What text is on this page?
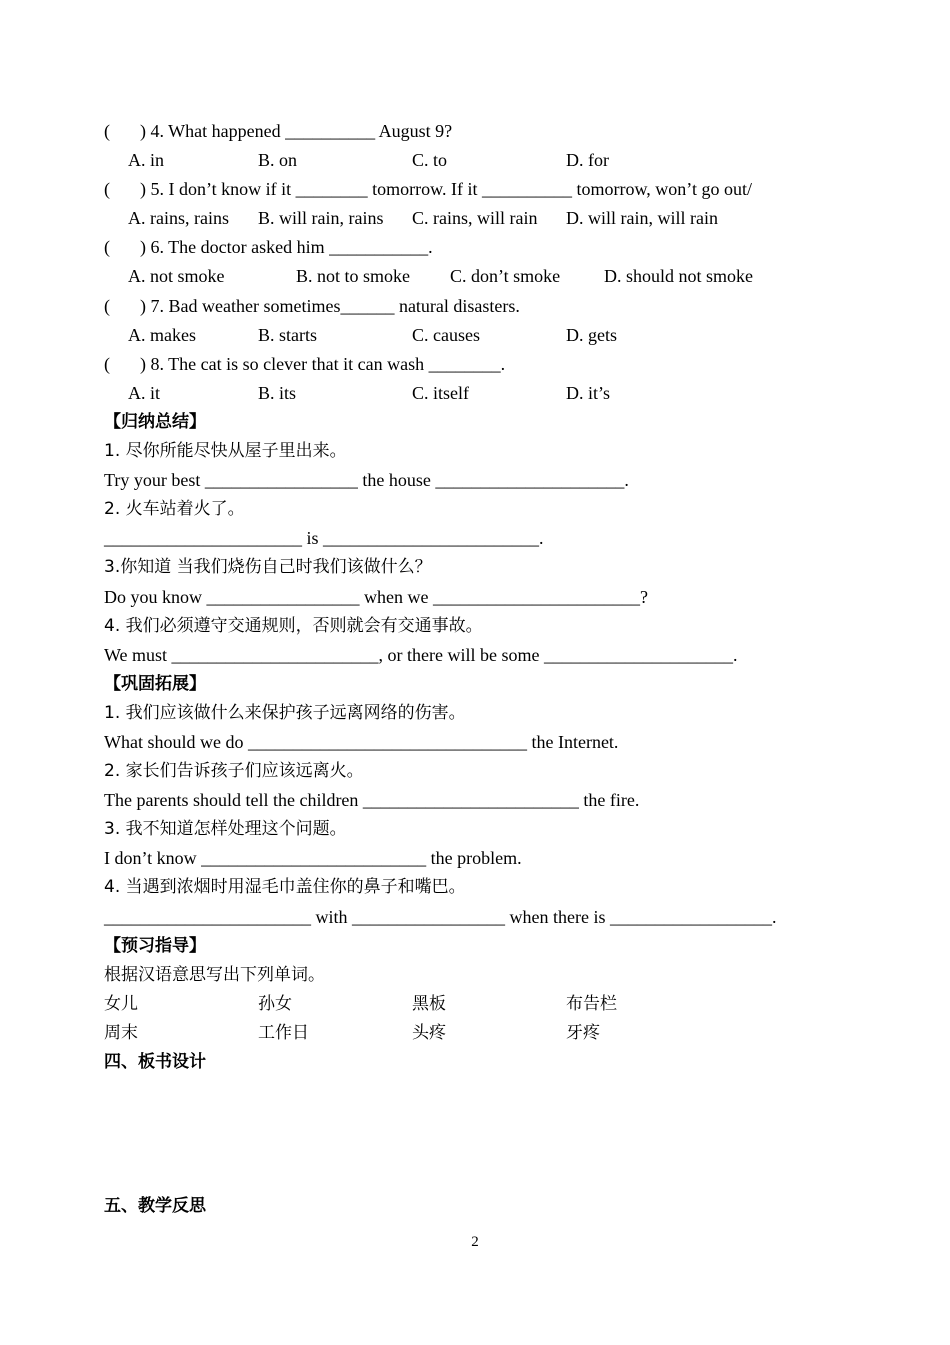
( ) 4. What happened __________ August 9?
A. in	B. on	C. to	D. for
( ) 5. I don’t know if it ________ tomorrow. If it __________ tomorrow, won’t go out/
A. rains, rains B. will rain, rains C. rains, will rain D. will rain, will rain
( ) 6. The doctor asked him ___________.
A. not smoke	B. not to smoke C. don’t smoke D. should not smoke
( ) 7. Bad weather sometimes______ natural disasters.
A. makes	B. starts	C. causes	D. gets
( ) 8. The cat is so clever that it can wash ________.
A. it	B. its	C. itself	D. it’s
【归纳总结】
1. 尽你所能尽快从屋子里出来。
Try your best _________________ the house _____________________.
2. 火车站着火了。
______________________ is ________________________.
3.你知道 当我们烧伤自己时我们该做什么？
Do you know _________________ when we _______________________?
4. 我们必须遵守交通规则，否则就会有交通事故。
We must _______________________, or there will be some _____________________.
【巩固拓展】
1. 我们应该做什么来保护孩子远离网络的伤害。
What should we do _______________________________ the Internet.
2. 家长们告诉孩子们应该远离火。
The parents should tell the children ________________________ the fire.
3. 我不知道怎样处理这个问题。
I don’t know _________________________ the problem.
4. 当遇到浓烟时用湿毛巾盖住你的鼻子和嘴巴。
_______________________ with _________________ when there is __________________.
【预习指导】
根据汉语意思写出下列单词。
女儿	孙女	黑板	布告栏
周末	工作日	头疼	牙疼
四、板书设计
五、教学反思
2
